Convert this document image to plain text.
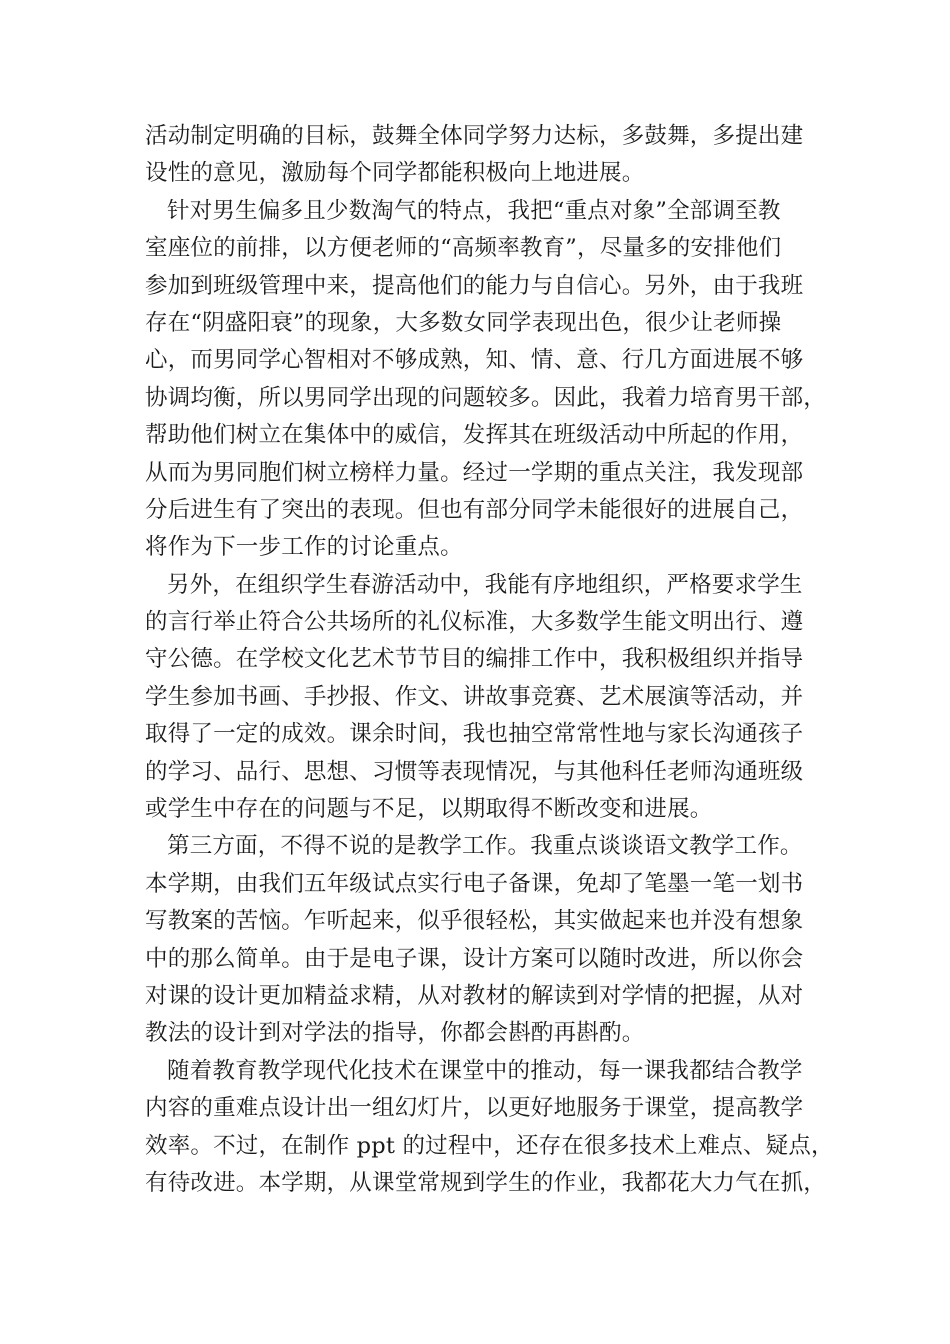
活动制定明确的目标，鼓舞全体同学努力达标，多鼓舞，多提出建
设性的意见，激励每个同学都能积极向上地进展。
针对男生偏多且少数淘气的特点，我把“重点对象”全部调至教
室座位的前排，以方便老师的“高频率教育”，尽量多的安排他们
参加到班级管理中来，提高他们的能力与自信心。另外，由于我班
存在“阴盛阳衰”的现象，大多数女同学表现出色，很少让老师操
心，而男同学心智相对不够成熟，知、情、意、行几方面进展不够
协调均衡，所以男同学出现的问题较多。因此，我着力培育男干部，
帮助他们树立在集体中的威信，发挥其在班级活动中所起的作用，
从而为男同胞们树立榜样力量。经过一学期的重点关注，我发现部
分后进生有了突出的表现。但也有部分同学未能很好的进展自己，
将作为下一步工作的讨论重点。
另外，在组织学生春游活动中，我能有序地组织，严格要求学生
的言行举止符合公共场所的礼仪标准，大多数学生能文明出行、遵
守公德。在学校文化艺术节节目的编排工作中，我积极组织并指导
学生参加书画、手抄报、作文、讲故事竞赛、艺术展演等活动，并
取得了一定的成效。课余时间，我也抽空常常性地与家长沟通孩子
的学习、品行、思想、习惯等表现情况，与其他科任老师沟通班级
或学生中存在的问题与不足，以期取得不断改变和进展。
第三方面，不得不说的是教学工作。我重点谈谈语文教学工作。
本学期，由我们五年级试点实行电子备课，免却了笔墨一笔一划书
写教案的苦恼。乍听起来，似乎很轻松，其实做起来也并没有想象
中的那么简单。由于是电子课，设计方案可以随时改进，所以你会
对课的设计更加精益求精，从对教材的解读到对学情的把握，从对
教法的设计到对学法的指导，你都会斟酌再斟酌。
随着教育教学现代化技术在课堂中的推动，每一课我都结合教学
内容的重难点设计出一组幻灯片，以更好地服务于课堂，提高教学
效率。不过，在制作 ppt 的过程中，还存在很多技术上难点、疑点，
有待改进。本学期，从课堂常规到学生的作业，我都花大力气在抓，
